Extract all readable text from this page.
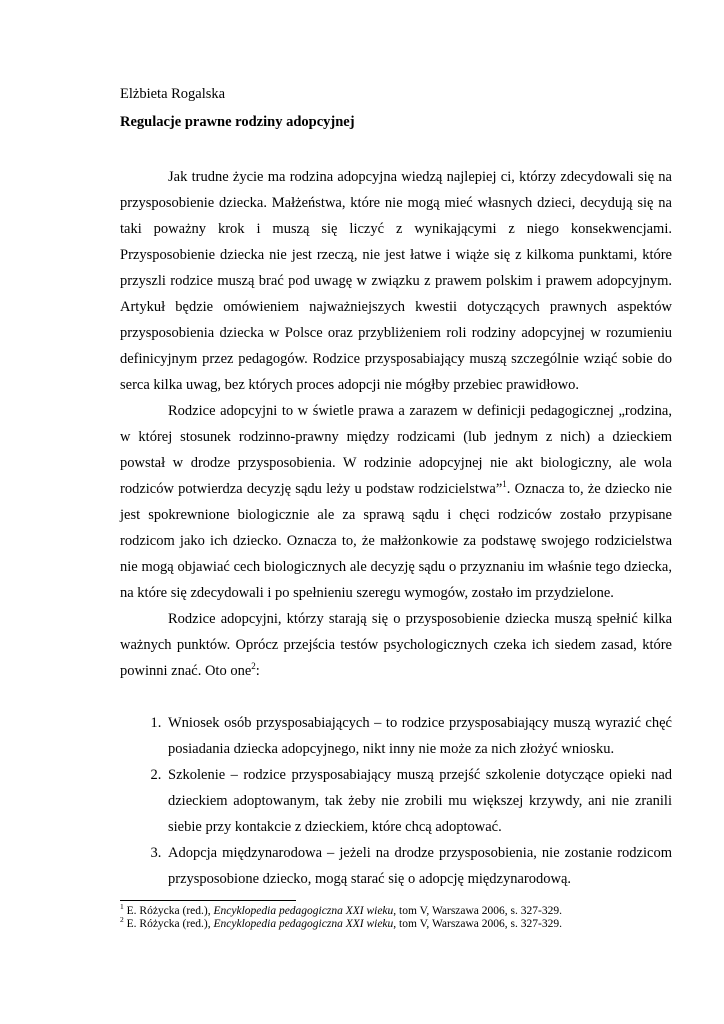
Elżbieta Rogalska

Regulacje prawne rodziny adopcyjnej

Jak trudne życie ma rodzina adopcyjna wiedzą najlepiej ci, którzy zdecydowali się na przysposobienie dziecka. Małżeństwa, które nie mogą mieć własnych dzieci, decydują się na taki poważny krok i muszą się liczyć z wynikającymi z niego konsekwencjami. Przysposobienie dziecka nie jest rzeczą, nie jest łatwe i wiąże się z kilkoma punktami, które przyszli rodzice muszą brać pod uwagę w związku z prawem polskim i prawem adopcyjnym. Artykuł będzie omówieniem najważniejszych kwestii dotyczących prawnych aspektów przysposobienia dziecka w Polsce oraz przybliżeniem roli rodziny adopcyjnej w rozumieniu definicyjnym przez pedagogów. Rodzice przysposabiający muszą szczególnie wziąć sobie do serca kilka uwag, bez których proces adopcji nie mógłby przebiec prawidłowo.

Rodzice adopcyjni to w świetle prawa a zarazem w definicji pedagogicznej „rodzina, w której stosunek rodzinno-prawny między rodzicami (lub jednym z nich) a dzieckiem powstał w drodze przysposobienia. W rodzinie adopcyjnej nie akt biologiczny, ale wola rodziców potwierdza decyzję sądu leży u podstaw rodzicielstwa”$^1$. Oznacza to, że dziecko nie jest spokrewnione biologicznie ale za sprawą sądu i chęci rodziców zostało przypisane rodzicom jako ich dziecko. Oznacza to, że małżonkowie za podstawę swojego rodzicielstwa nie mogą objawiać cech biologicznych ale decyzję sądu o przyznaniu im właśnie tego dziecka, na które się zdecydowali i po spełnieniu szeregu wymogów, zostało im przydzielone.

Rodzice adopcyjni, którzy starają się o przysposobienie dziecka muszą spełnić kilka ważnych punktów. Oprócz przejścia testów psychologicznych czeka ich siedem zasad, które powinni znać. Oto one$^2$:

1. Wniosek osób przysposabiających – to rodzice przysposabiający muszą wyrazić chęć posiadania dziecka adopcyjnego, nikt inny nie może za nich złożyć wniosku.
2. Szkolenie – rodzice przysposabiający muszą przejść szkolenie dotyczące opieki nad dzieckiem adoptowanym, tak żeby nie zrobili mu większej krzywdy, ani nie zranili siebie przy kontakcie z dzieckiem, które chcą adoptować.
3. Adopcja międzynarodowa – jeżeli na drodze przysposobienia, nie zostanie rodzicom przysposobione dziecko, mogą starać się o adopcję międzynarodową.

$^1$ E. Różycka (red.), Encyklopedia pedagogiczna XXI wieku, tom V, Warszawa 2006, s. 327-329.

$^2$ E. Różycka (red.), Encyklopedia pedagogiczna XXI wieku, tom V, Warszawa 2006, s. 327-329.
